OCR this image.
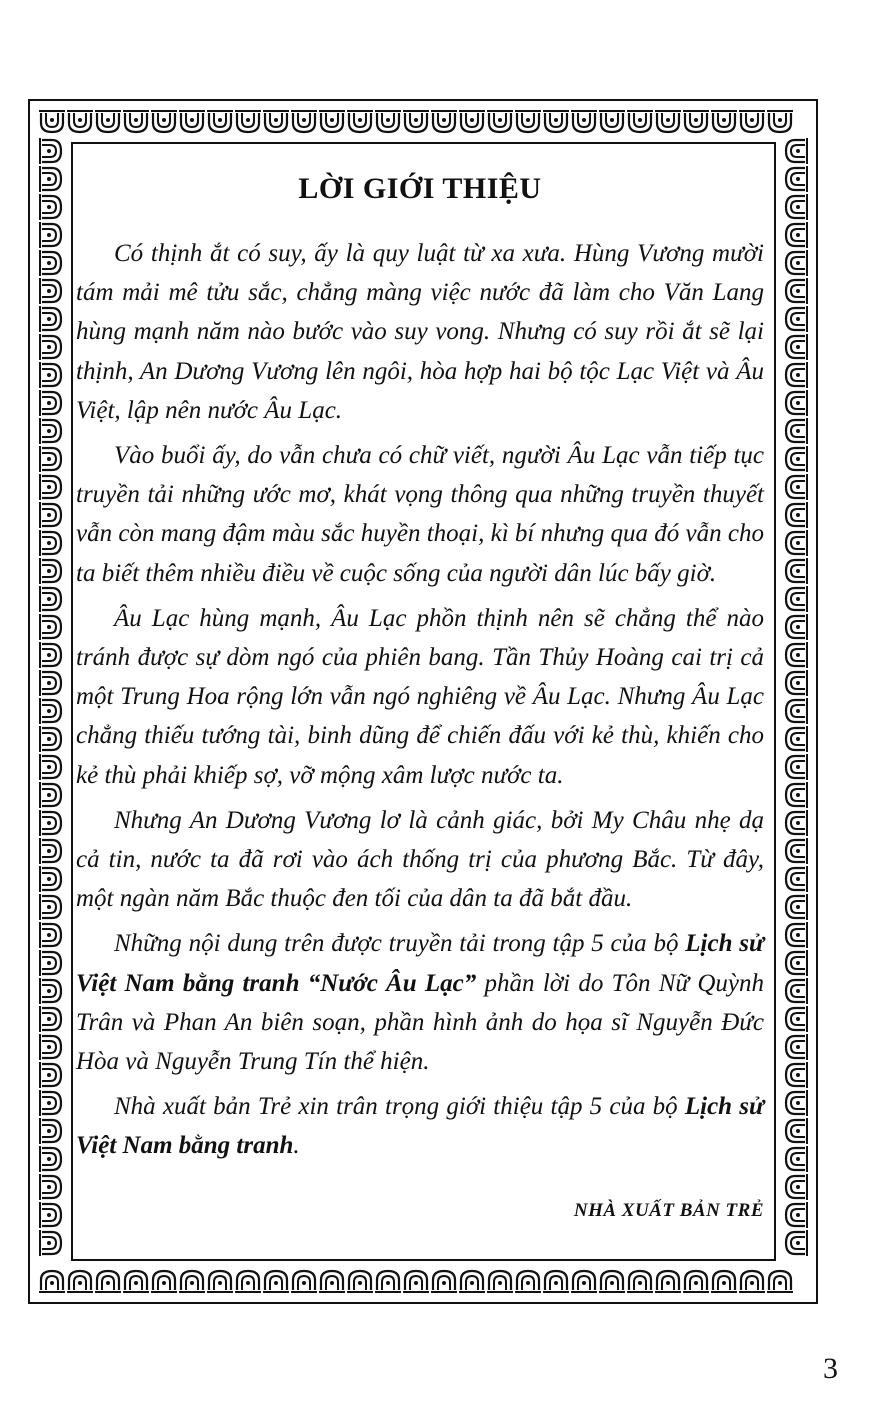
LỜI GIỚI THIỆU

Có thịnh ắt có suy, ấy là quy luật từ xa xưa. Hùng Vương mười tám mải mê tửu sắc, chẳng màng việc nước đã làm cho Văn Lang hùng mạnh năm nào bước vào suy vong. Nhưng có suy rồi ắt sẽ lại thịnh, An Dương Vương lên ngôi, hòa hợp hai bộ tộc Lạc Việt và Âu Việt, lập nên nước Âu Lạc.

Vào buổi ấy, do vẫn chưa có chữ viết, người Âu Lạc vẫn tiếp tục truyền tải những ước mơ, khát vọng thông qua những truyền thuyết vẫn còn mang đậm màu sắc huyền thoại, kì bí nhưng qua đó vẫn cho ta biết thêm nhiều điều về cuộc sống của người dân lúc bấy giờ.

Âu Lạc hùng mạnh, Âu Lạc phồn thịnh nên sẽ chẳng thể nào tránh được sự dòm ngó của phiên bang. Tần Thủy Hoàng cai trị cả một Trung Hoa rộng lớn vẫn ngó nghiêng về Âu Lạc. Nhưng Âu Lạc chẳng thiếu tướng tài, binh dũng để chiến đấu với kẻ thù, khiến cho kẻ thù phải khiếp sợ, vỡ mộng xâm lược nước ta.

Nhưng An Dương Vương lơ là cảnh giác, bởi My Châu nhẹ dạ cả tin, nước ta đã rơi vào ách thống trị của phương Bắc. Từ đây, một ngàn năm Bắc thuộc đen tối của dân ta đã bắt đầu.

Những nội dung trên được truyền tải trong tập 5 của bộ Lịch sử Việt Nam bằng tranh “Nước Âu Lạc” phần lời do Tôn Nữ Quỳnh Trân và Phan An biên soạn, phần hình ảnh do họa sĩ Nguyễn Đức Hòa và Nguyễn Trung Tín thể hiện.

Nhà xuất bản Trẻ xin trân trọng giới thiệu tập 5 của bộ Lịch sử Việt Nam bằng tranh.

NHÀ XUẤT BẢN TRẺ
3
